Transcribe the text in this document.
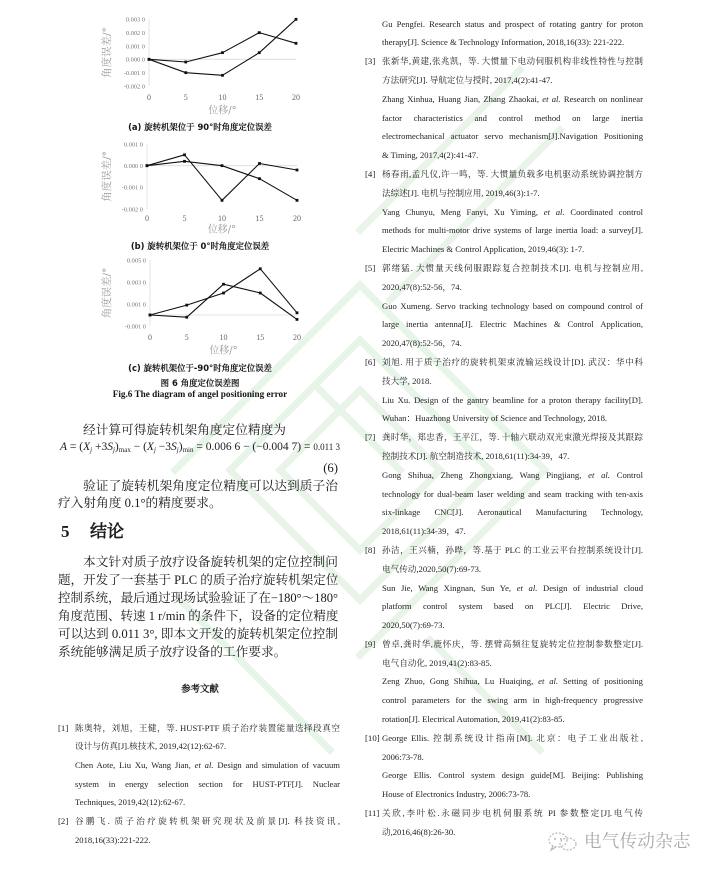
0.003 0
0.002 0
0.001 0
0.000 0
-0.001 0
-0.002 0
0	5	10	15	20
位移/°
角度误差/°
0.001 0
0.000 0
-0.001 0
-0.002 0
0	5	10	15	20
位移/°
角度误差/°
0.005 0
0.003 0
0.001 0
-0.001 0
0	5	10	15	20
位移/°
角度误差/°
(a) 旋转机架位于 90°时角度定位误差
(b) 旋转机架位于 0°时角度定位误差
(c) 旋转机架位于-90°时角度定位误差
图 6 角度定位误差图
Fig.6 The diagram of angel positioning error
经计算可得旋转机架角度定位精度为
$A = (Xj +3Sj)_{max} - (Xj -3Sj)_{min} = 0.006$ 6 − (−0.004 7) = 0.011 3
(6)
验证了旋转机架角度定位精度可以达到质子治
疗入射角度 0.1°的精度要求。
5 结论
本文针对质子放疗设备旋转机架的定位控制问
题，开发了一套基于 PLC 的质子治疗旋转机架定位
控制系统，最后通过现场试验验证了在−180°～180°
角度范围、转速 1 r/min 的条件下，设备的定位精度
可以达到 0.011 3°, 即本文开发的旋转机架定位控制
系统能够满足质子放疗设备的工作要求。
参考文献
[1] 陈奥特，刘旭，王健，等. HUST-PTF 质子治疗装置能量选择段真空
设计与仿真[J].核技术, 2019,42(12):62-67.
Chen Aote, Liu Xu, Wang Jian, et al. Design and simulation of vacuum
system in energy selection section for HUST-PTF[J]. Nuclear
Techniques, 2019,42(12):62-67.
[2] 谷鹏飞. 质子治疗旋转机架研究现状及前景[J]. 科技资讯,
2018,16(33):221-222.
Gu Pengfei. Research status and prospect of rotating gantry for proton
therapy[J]. Science & Technology Information, 2018,16(33): 221-222.
[3] 张新华,黄建,张兆凯，等. 大惯量下电动伺服机构非线性特性与控制
方法研究[J]. 导航定位与授时, 2017,4(2):41-47.
Zhang Xinhua, Huang Jian, Zhang Zhaokai, et al. Research on nonlinear
factor characteristics and control method on large inertia
electromechanical actuator servo mechanism[J].Navigation Positioning
& Timing, 2017,4(2):41-47.
[4] 杨春雨,孟凡仪,许一鸣，等. 大惯量负载多电机驱动系统协调控制方
法综述[J]. 电机与控制应用, 2019,46(3):1-7.
Yang Chunyu, Meng Fanyi, Xu Yiming, et al. Coordinated control
methods for multi-motor drive systems of large inertia load: a survey[J].
Electric Machines & Control Application, 2019,46(3): 1-7.
[5] 郭绪猛. 大惯量天线伺服跟踪复合控制技术[J]. 电机与控制应用,
2020,47(8):52-56，74.
Guo Xumeng. Servo tracking technology based on compound control of
large inertia antenna[J]. Electric Machines & Control Application,
2020,47(8):52-56，74.
[6] 刘旭. 用于质子治疗的旋转机架束流输运线设计[D]. 武汉：华中科
技大学, 2018.
Liu Xu. Design of the gantry beamline for a proton therapy facility[D].
Wuhan：Huazhong University of Science and Technology, 2018.
[7] 龚时华，郑忠香，王平江，等. 十轴六联动双光束激光焊接及其跟踪
控制技术[J]. 航空制造技术, 2018,61(11):34-39，47.
Gong Shihua, Zheng Zhongxiang, Wang Pingjiang, et al. Control
technology for dual-beam laser welding and seam tracking with ten-axis
six-linkage CNC[J]. Aeronautical Manufacturing Technology,
2018,61(11):34-39，47.
[8] 孙洁，王兴楠，孙晔，等.基于 PLC 的工业云平台控制系统设计[J].
电气传动,2020,50(7):69-73.
Sun Jie, Wang Xingnan, Sun Ye, et al. Design of industrial cloud
platform control system based on PLC[J]. Electric Drive,
2020,50(7):69-73.
[9] 曾卓,龚时华,鹿怀庆，等. 摆臂高频往复旋转定位控制参数整定[J].
电气自动化, 2019,41(2):83-85.
Zeng Zhuo, Gong Shihua, Lu Huaiqing, et al. Setting of positioning
control parameters for the swing arm in high-frequency progressive
rotation[J]. Electrical Automation, 2019,41(2):83-85.
[10] George Ellis. 控制系统设计指南[M]. 北京：电子工业出版社,
2006:73-78.
George Ellis. Control system design guide[M]. Beijing: Publishing
House of Electronics Industry, 2006:73-78.
[11] 关欣,李叶松.永磁同步电机伺服系统 PI 参数整定[J].电气传
动,2016,46(8):26-30.
电气传动杂志
